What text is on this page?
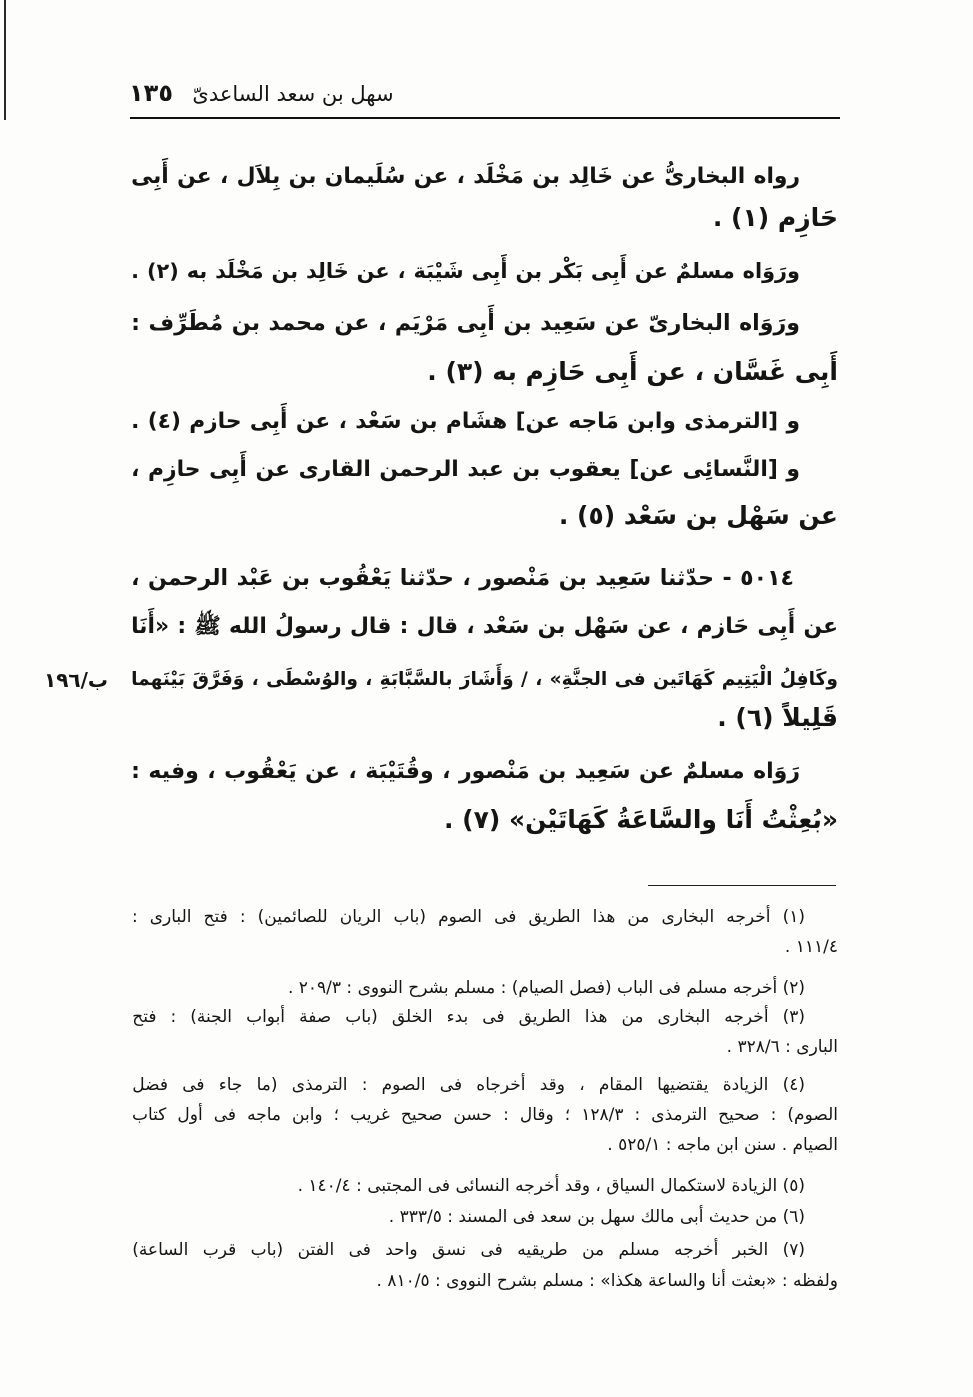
١٣٥ سهل بن سعد الساعدىّ
رواه البخارىُّ عن خَالِد بن مَخْلَد ، عن سُلَيمان بن بِلاَل ، عن أَبِى
حَازِم (١) .
ورَوَاه مسلمٌ عن أَبِى بَكْر بن أَبِى شَيْبَة ، عن خَالِد بن مَخْلَد به (٢) .
ورَوَاه البخارىّ عن سَعِيد بن أَبِى مَرْيَم ، عن محمد بن مُطَرِّف :
أَبِى غَسَّان ، عن أَبِى حَازِم به (٣) .
و [الترمذى وابن مَاجه عن] هشَام بن سَعْد ، عن أَبِى حازم (٤) .
و [النَّسائِى عن] يعقوب بن عبد الرحمن القارى عن أَبِى حازِم ،
عن سَهْل بن سَعْد (٥) .
٥٠١٤ - حدّثنا سَعِيد بن مَنْصور ، حدّثنا يَعْقُوب بن عَبْد الرحمن ،
عن أَبِى حَازم ، عن سَهْل بن سَعْد ، قال : قال رسولُ الله ﷺ : «أَنَا
وكَافِلُ الْيَتِيم كَهَاتَين فى الجنَّةِ» ، / وَأَشَارَ بالسَّبَّابَةِ ، والوُسْطَى ، وَفَرَّقَ بَيْنَهما
قَلِيلاً (٦) .
رَوَاه مسلمٌ عن سَعِيد بن مَنْصور ، وقُتَيْبَة ، عن يَعْقُوب ، وفيه :
«بُعِثْتُ أَنَا والسَّاعَةُ كَهَاتَيْن» (٧) .
ب/١٩٦
(١) أخرجه البخارى من هذا الطريق فى الصوم (باب الريان للصائمين) : فتح البارى :
١١١/٤ .
(٢) أخرجه مسلم فى الباب (فصل الصيام) : مسلم بشرح النووى : ٢٠٩/٣ .
(٣) أخرجه البخارى من هذا الطريق فى بدء الخلق (باب صفة أبواب الجنة) : فتح
البارى : ٣٢٨/٦ .
(٤) الزيادة يقتضيها المقام ، وقد أخرجاه فى الصوم : الترمذى (ما جاء فى فضل
الصوم) : صحيح الترمذى : ١٢٨/٣ ؛ وقال : حسن صحيح غريب ؛ وابن ماجه فى أول كتاب
الصيام . سنن ابن ماجه : ٥٢٥/١ .
(٥) الزيادة لاستكمال السياق ، وقد أخرجه النسائى فى المجتبى : ١٤٠/٤ .
(٦) من حديث أبى مالك سهل بن سعد فى المسند : ٣٣٣/٥ .
(٧) الخبر أخرجه مسلم من طريقيه فى نسق واحد فى الفتن (باب قرب الساعة)
ولفظه : «بعثت أنا والساعة هكذا» : مسلم بشرح النووى : ٨١٠/٥ .
